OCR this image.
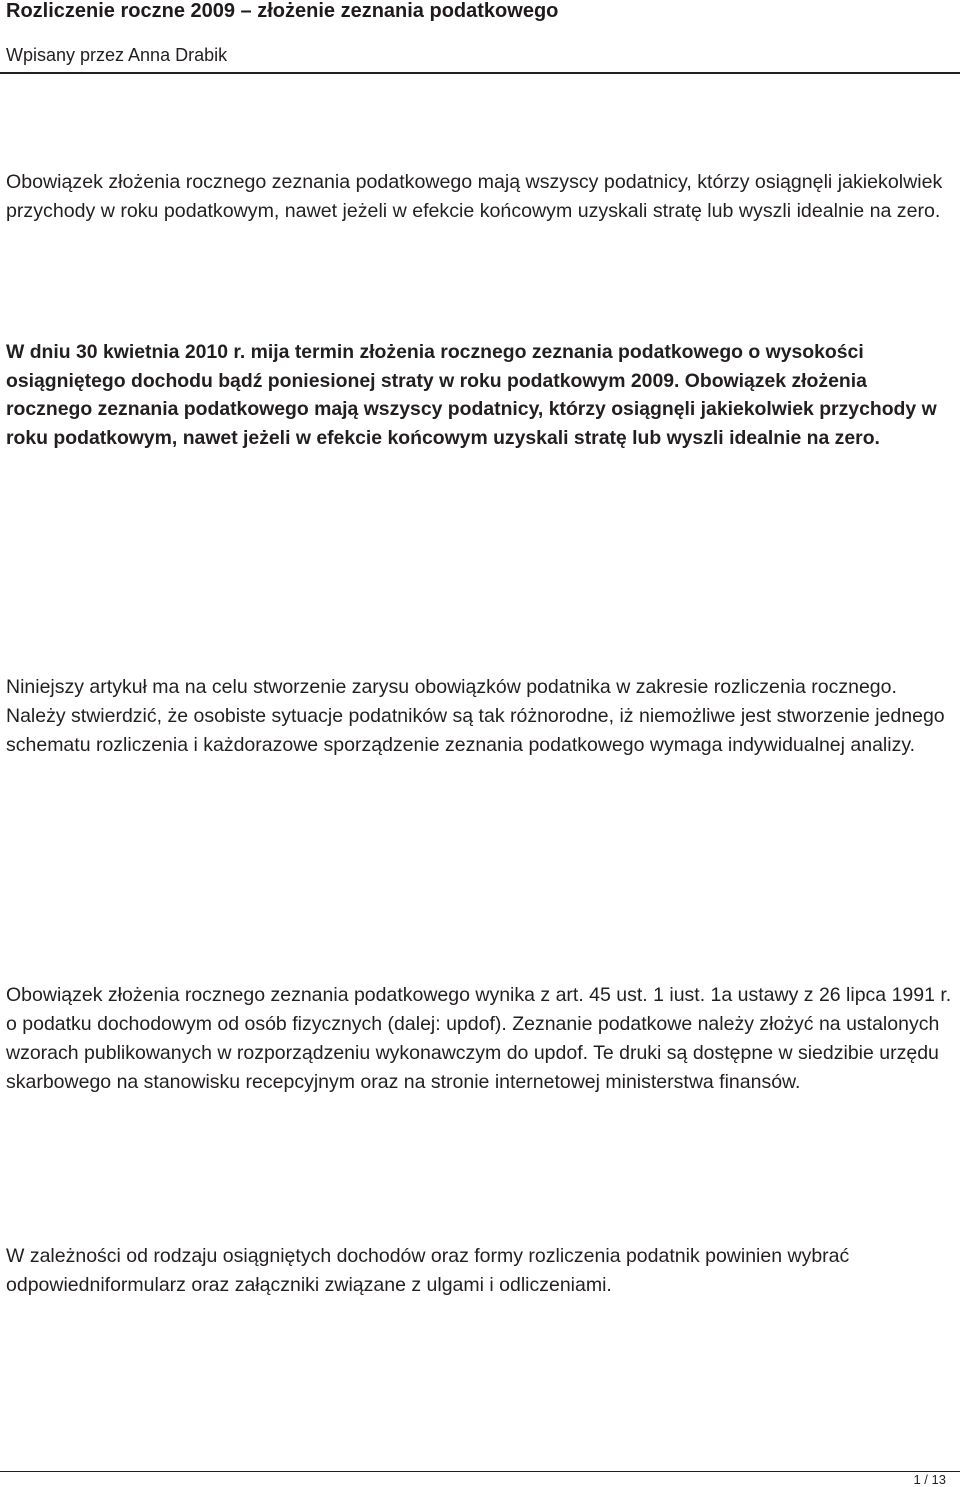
Rozliczenie roczne 2009 – złożenie zeznania podatkowego
Wpisany przez Anna Drabik

Obowiązek złożenia rocznego zeznania podatkowego mają wszyscy podatnicy, którzy osiągnęli jakiekolwiek przychody w roku podatkowym, nawet jeżeli w efekcie końcowym uzyskali stratę lub wyszli idealnie na zero.

W dniu 30 kwietnia 2010 r. mija termin złożenia rocznego zeznania podatkowego o wysokości osiągniętego dochodu bądź poniesionej straty w roku podatkowym 2009. Obowiązek złożenia rocznego zeznania podatkowego mają wszyscy podatnicy, którzy osiągnęli jakiekolwiek przychody w roku podatkowym, nawet jeżeli w efekcie końcowym uzyskali stratę lub wyszli idealnie na zero.

Niniejszy artykuł ma na celu stworzenie zarysu obowiązków podatnika w zakresie rozliczenia rocznego. Należy stwierdzić, że osobiste sytuacje podatników są tak różnorodne, iż niemożliwe jest stworzenie jednego schematu rozliczenia i każdorazowe sporządzenie zeznania podatkowego wymaga indywidualnej analizy.

Obowiązek złożenia rocznego zeznania podatkowego wynika z art. 45 ust. 1 iust. 1a ustawy z 26 lipca 1991 r. o podatku dochodowym od osób fizycznych (dalej: updof). Zeznanie podatkowe należy złożyć na ustalonych wzorach publikowanych w rozporządzeniu wykonawczym do updof. Te druki są dostępne w siedzibie urzędu skarbowego na stanowisku recepcyjnym oraz na stronie internetowej ministerstwa finansów.

W zależności od rodzaju osiągniętych dochodów oraz formy rozliczenia podatnik powinien wybrać odpowiedniformularz oraz załączniki związane z ulgami i odliczeniami.

1 / 13
